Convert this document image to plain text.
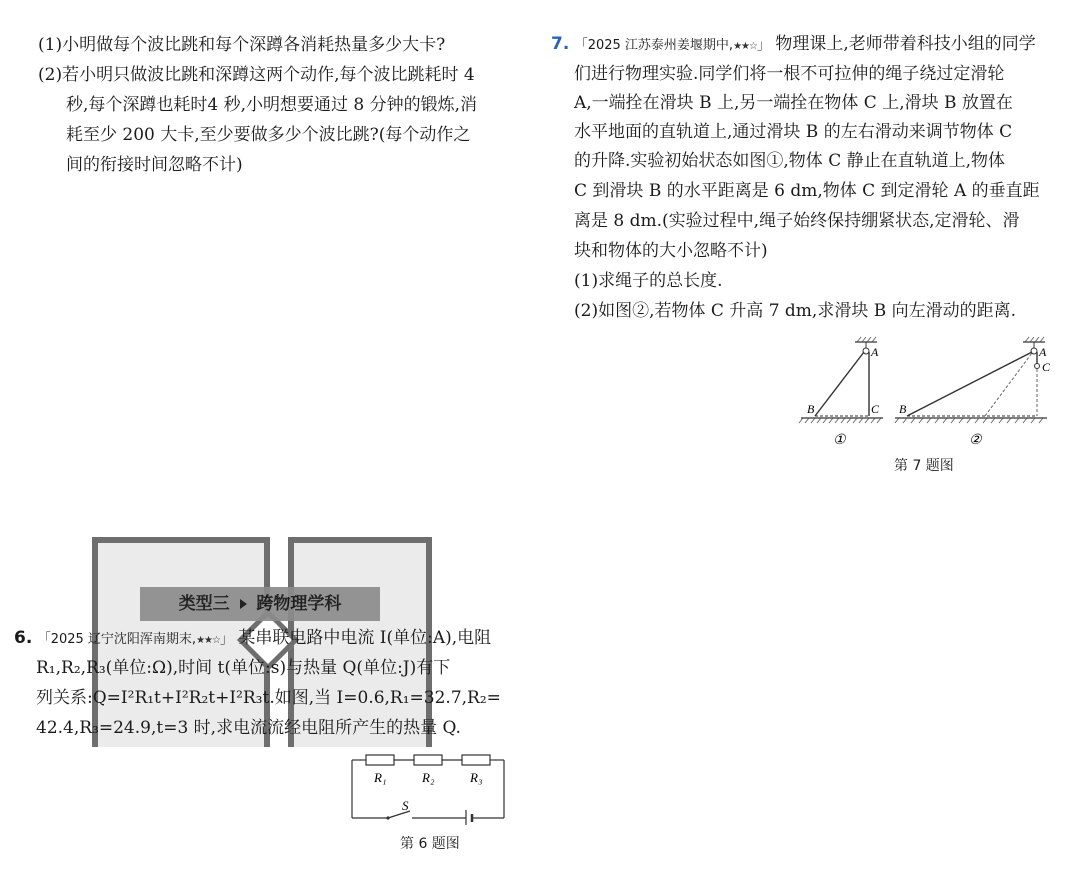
(1)小明做每个波比跳和每个深蹲各消耗热量多少大卡?
(2)若小明只做波比跳和深蹲这两个动作,每个波比跳耗时 4
秒,每个深蹲也耗时4 秒,小明想要通过 8 分钟的锻炼,消
耗至少 200 大卡,至少要做多少个波比跳?(每个动作之
间的衔接时间忽略不计)
7. 「2025 江苏泰州姜堰期中,★★☆」 物理课上,老师带着科技小组的同学
们进行物理实验.同学们将一根不可拉伸的绳子绕过定滑轮
A,一端拴在滑块 B 上,另一端拴在物体 C 上,滑块 B 放置在
水平地面的直轨道上,通过滑块 B 的左右滑动来调节物体 C
的升降.实验初始状态如图①,物体 C 静止在直轨道上,物体
C 到滑块 B 的水平距离是 6 dm,物体 C 到定滑轮 A 的垂直距
离是 8 dm.(实验过程中,绳子始终保持绷紧状态,定滑轮、滑
块和物体的大小忽略不计)
(1)求绳子的总长度.
(2)如图②,若物体 C 升高 7 dm,求滑块 B 向左滑动的距离.
A
B	C
①
A
B
C
②
第 7 题图
类型三 跨物理学科
6. 「2025 辽宁沈阳浑南期末,★★☆」 某串联电路中电流 I(单位:A),电阻
R₁,R₂,R₃(单位:Ω),时间 t(单位:s)与热量 Q(单位:J)有下
列关系:Q=I²R₁t+I²R₂t+I²R₃t.如图,当 I=0.6,R₁=32.7,R₂=
42.4,R₃=24.9,t=3 时,求电流流经电阻所产生的热量 Q.
R₁	R₂	R₃
S
第 6 题图
